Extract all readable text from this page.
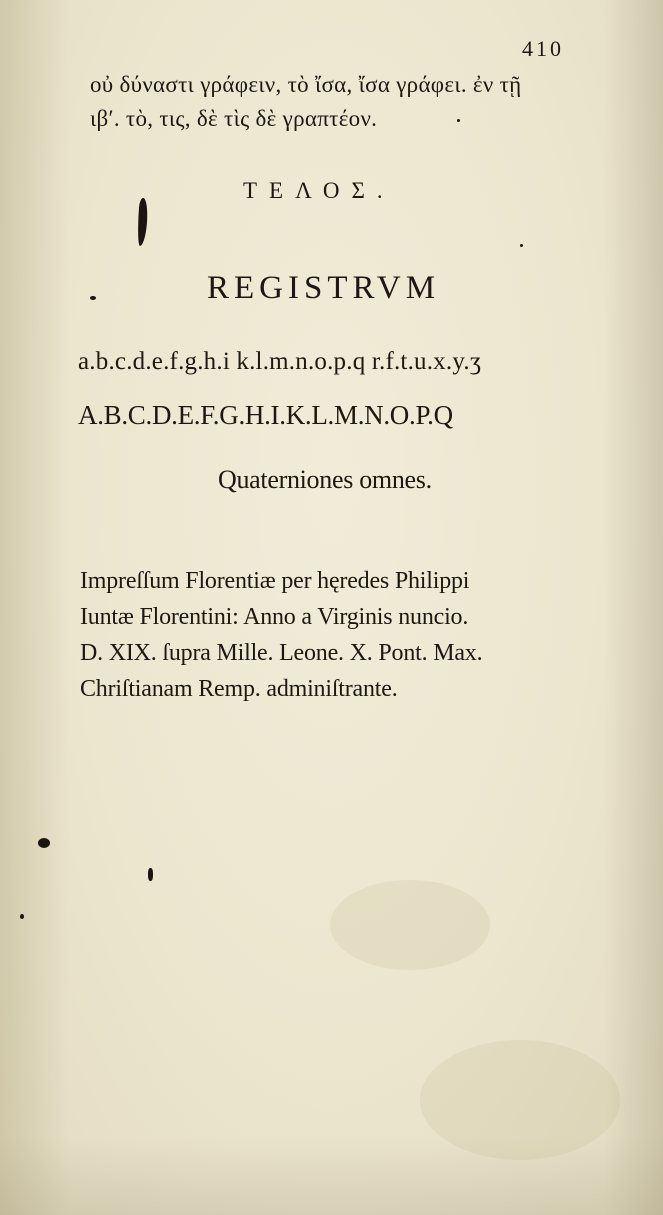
410
οὐ δύναστι γράφειν, τὸ ἴσα, ἴσα γράφει. ἐν τῇ
ιβʹ. τὸ, τις, δὲ τὶς δὲ γραπτέον.
ΤΕΛΟΣ.
REGISTRVM
a.b.c.d.e.f.g.h.i k.l.m.n.o.p.q r.f.t.u.x.y.ʒ
A.B.C.D.E.F.G.H.I.K.L.M.N.O.P.Q
Quaterniones omnes.
Impreſſum Florentiæ per hęredes Philippi
Iuntæ Florentini: Anno a Virginis nuncio.
D. XIX. ſupra Mille. Leone. X. Pont. Max.
Chriſtianam Remp. adminiſtrante.
